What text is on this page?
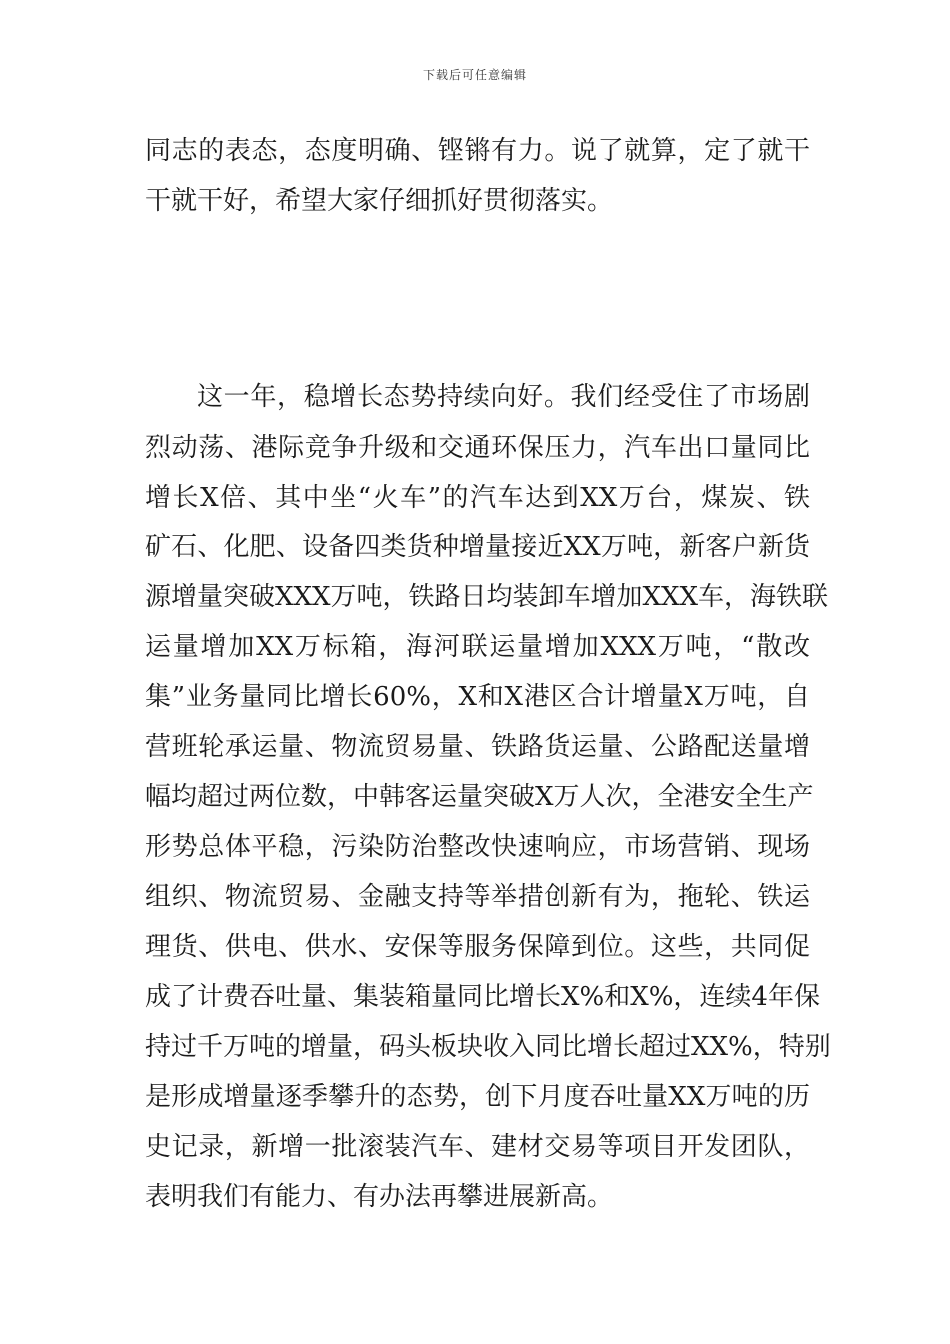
下载后可任意编辑
同志的表态，态度明确、铿锵有力。说了就算，定了就干
干就干好，希望大家仔细抓好贯彻落实。
这一年，稳增长态势持续向好。我们经受住了市场剧
烈动荡、港际竞争升级和交通环保压力，汽车出口量同比
增长X倍、其中坐“火车”的汽车达到XX万台，煤炭、铁
矿石、化肥、设备四类货种增量接近XX万吨，新客户新货
源增量突破XXX万吨，铁路日均装卸车增加XXX车，海铁联
运量增加XX万标箱，海河联运量增加XXX万吨，“散改
集”业务量同比增长60%，X和X港区合计增量X万吨，自
营班轮承运量、物流贸易量、铁路货运量、公路配送量增
幅均超过两位数，中韩客运量突破X万人次，全港安全生产
形势总体平稳，污染防治整改快速响应，市场营销、现场
组织、物流贸易、金融支持等举措创新有为，拖轮、铁运
理货、供电、供水、安保等服务保障到位。这些，共同促
成了计费吞吐量、集装箱量同比增长X%和X%，连续4年保
持过千万吨的增量，码头板块收入同比增长超过XX%，特别
是形成增量逐季攀升的态势，创下月度吞吐量XX万吨的历
史记录，新增一批滚装汽车、建材交易等项目开发团队，
表明我们有能力、有办法再攀进展新高。
